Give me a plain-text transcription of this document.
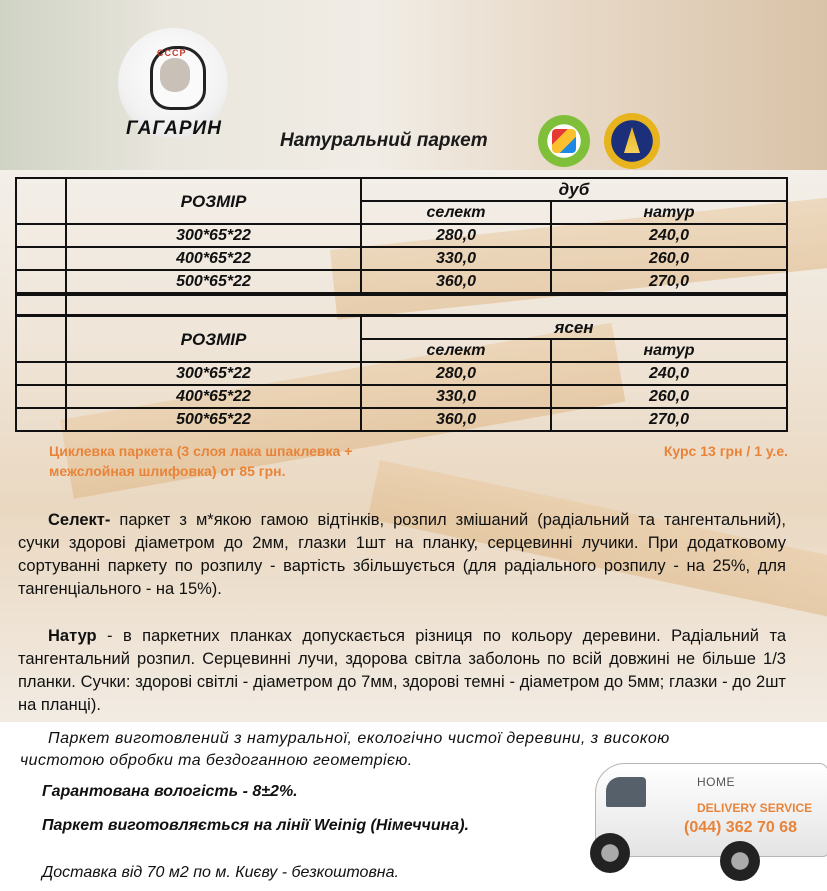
СССР
ГАГАРИН
Натуральний паркет
	РОЗМІР	дуб	
		селект	натур
	300*65*22	280,0	240,0
	400*65*22	330,0	260,0
	500*65*22	360,0	270,0

	РОЗМІР	ясен	
		селект	натур
	300*65*22	280,0	240,0
	400*65*22	330,0	260,0
	500*65*22	360,0	270,0
Циклевка паркета (3 слоя лака шпаклевка +
межслойная шлифовка) от 85 грн.
Курс 13 грн / 1 у.е.
Селект- паркет з м*якою гамою відтінків, розпил змішаний (радіальний та тангентальний), сучки здорові діаметром до 2мм, глазки 1шт на планку, серцевинні лучики. При додатковому сортуванні паркету по розпилу - вартість збільшується (для радіального розпилу - на 25%, для тангенціального - на 15%).
Натур - в паркетних планках допускається різниця по кольору деревини. Радіальний та тангентальний розпил. Серцевинні лучи, здорова світла заболонь по всій довжині не більше 1/3 планки. Сучки: здорові світлі - діаметром до 7мм, здорові темні - діаметром до 5мм; глазки - до 2шт на планці).
Паркет виготовлений з натуральної, екологічно чистої деревини, з високою
чистотою обробки та бездоганною геометрією.
Гарантована вологість - 8±2%.
Паркет виготовляється на лінії Weinig (Німеччина).
Доставка від 70 м2 по м. Києву - безкоштовна.
HOME
DELIVERY SERVICE
(044) 362 70 68
